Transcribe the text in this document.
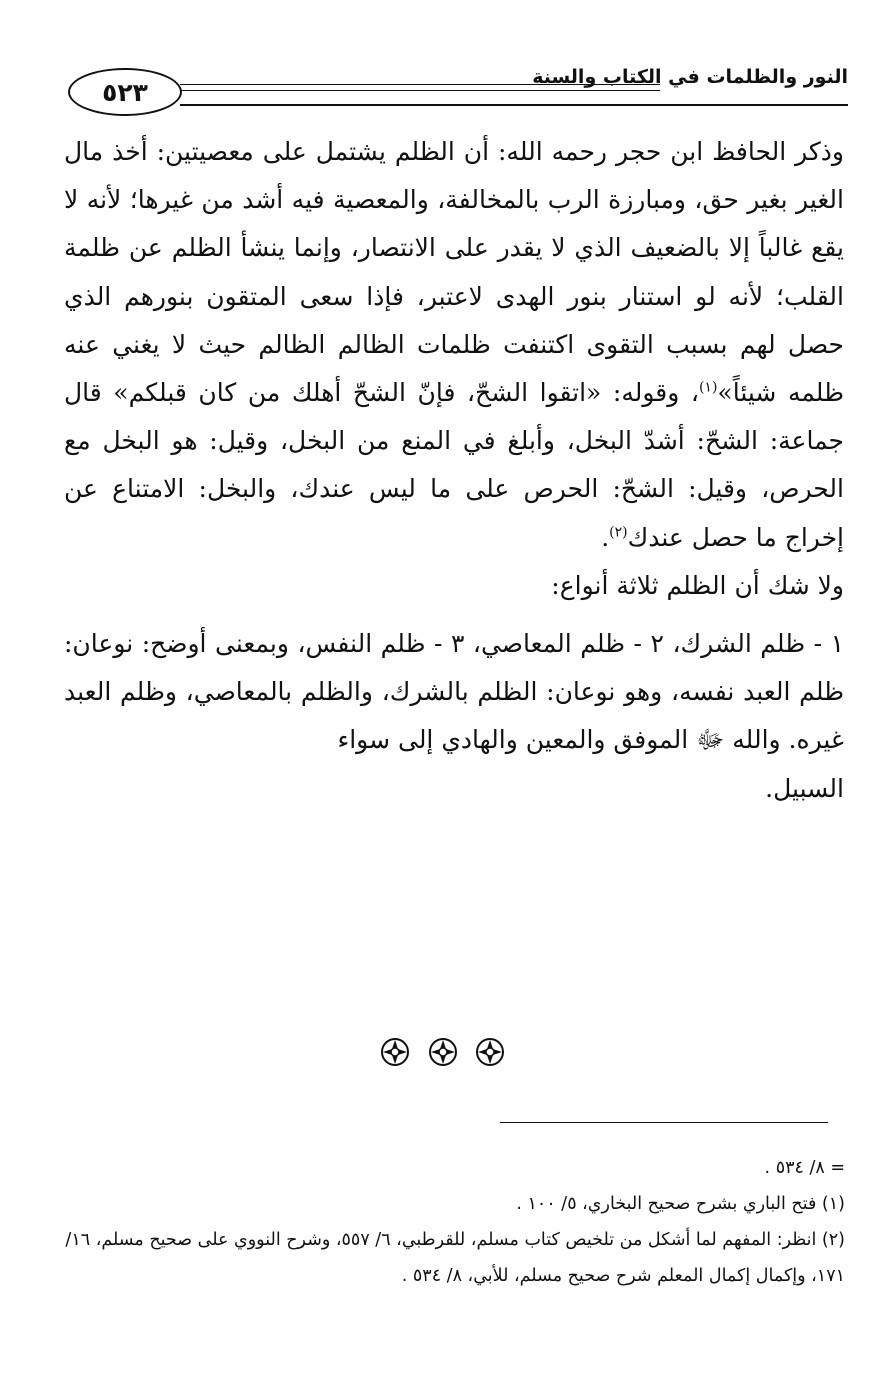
٥٢٣
النور والظلمات في الكتاب والسنة

وذكر الحافظ ابن حجر رحمه الله: أن الظلم يشتمل على معصيتين: أخذ مال الغير بغير حق، ومبارزة الرب بالمخالفة، والمعصية فيه أشد من غيرها؛ لأنه لا يقع غالباً إلا بالضعيف الذي لا يقدر على الانتصار، وإنما ينشأ الظلم عن ظلمة القلب؛ لأنه لو استنار بنور الهدى لاعتبر، فإذا سعى المتقون بنورهم الذي حصل لهم بسبب التقوى اكتنفت ظلمات الظالم الظالم حيث لا يغني عنه ظلمه شيئاً»$^{(١)}$، وقوله: «اتقوا الشحّ، فإنّ الشحّ أهلك من كان قبلكم» قال جماعة: الشحّ: أشدّ البخل، وأبلغ في المنع من البخل، وقيل: هو البخل مع الحرص، وقيل: الشحّ: الحرص على ما ليس عندك، والبخل: الامتناع عن إخراج ما حصل عندك$^{(٢)}$.

ولا شك أن الظلم ثلاثة أنواع:

١ - ظلم الشرك، ٢ - ظلم المعاصي، ٣ - ظلم النفس، وبمعنى أوضح: نوعان: ظلم العبد نفسه، وهو نوعان: الظلم بالشرك، والظلم بالمعاصي، وظلم العبد غيره. والله ﷻ الموفق والمعين والهادي إلى سواء

السبيل.

= ٨/ ٥٣٤ .

(١) فتح الباري بشرح صحيح البخاري، ٥/ ١٠٠ .

(٢) انظر: المفهم لما أشكل من تلخيص كتاب مسلم، للقرطبي، ٦/ ٥٥٧، وشرح النووي على صحيح مسلم، ١٦/ ١٧١، وإكمال إكمال المعلم شرح صحيح مسلم، للأبي، ٨/ ٥٣٤ .
